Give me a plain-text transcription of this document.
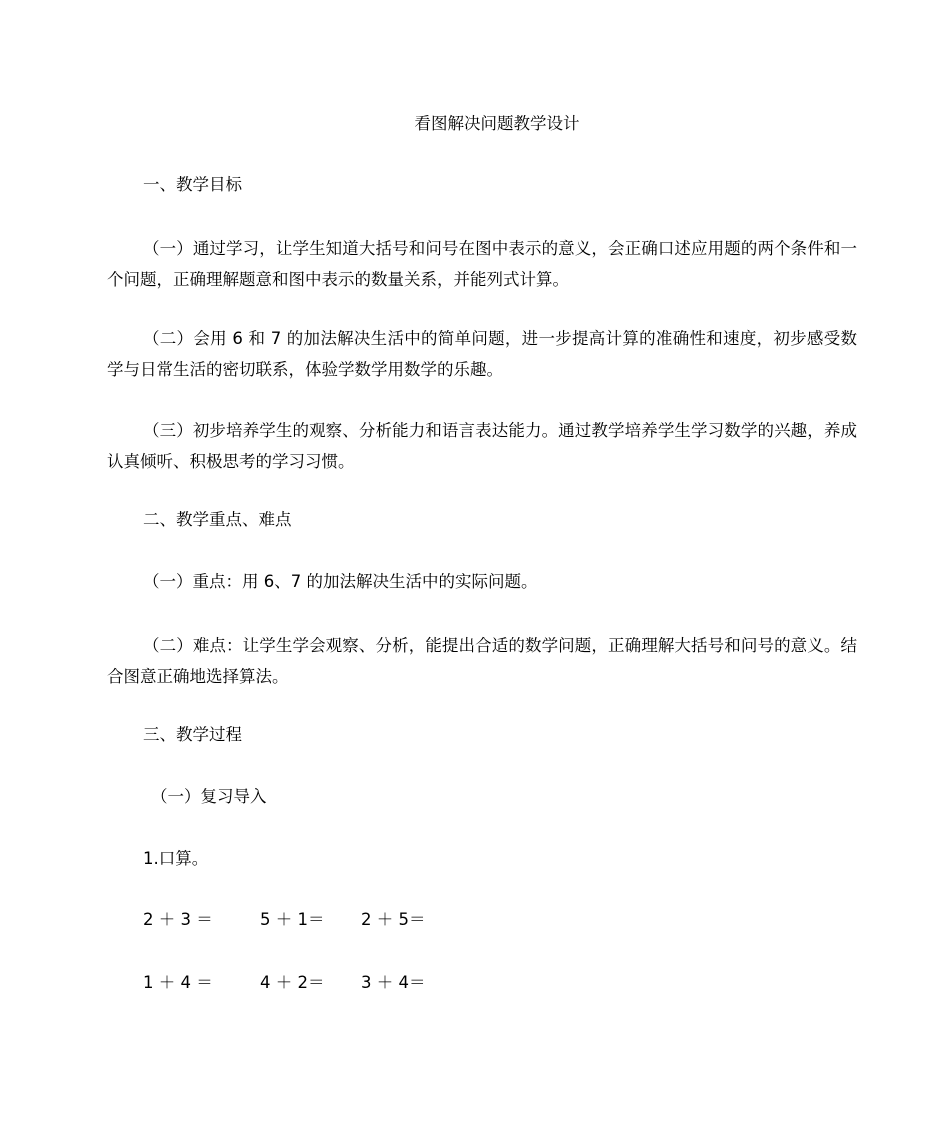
看图解决问题教学设计
一、教学目标
（一）通过学习，让学生知道大括号和问号在图中表示的意义，会正确口述应用题的两个条件和一个问题，正确理解题意和图中表示的数量关系，并能列式计算。
（二）会用 6 和 7 的加法解决生活中的简单问题，进一步提高计算的准确性和速度，初步感受数学与日常生活的密切联系，体验学数学用数学的乐趣。
（三）初步培养学生的观察、分析能力和语言表达能力。通过教学培养学生学习数学的兴趣，养成认真倾听、积极思考的学习习惯。
二、教学重点、难点
（一）重点：用 6、7 的加法解决生活中的实际问题。
（二）难点：让学生学会观察、分析，能提出合适的数学问题，正确理解大括号和问号的意义。结合图意正确地选择算法。
三、教学过程
（一）复习导入
1.口算。
2 ＋ 3 ＝	5 ＋ 1＝ 2 ＋ 5＝
1 ＋ 4 ＝	4 ＋ 2＝ 3 ＋ 4＝
